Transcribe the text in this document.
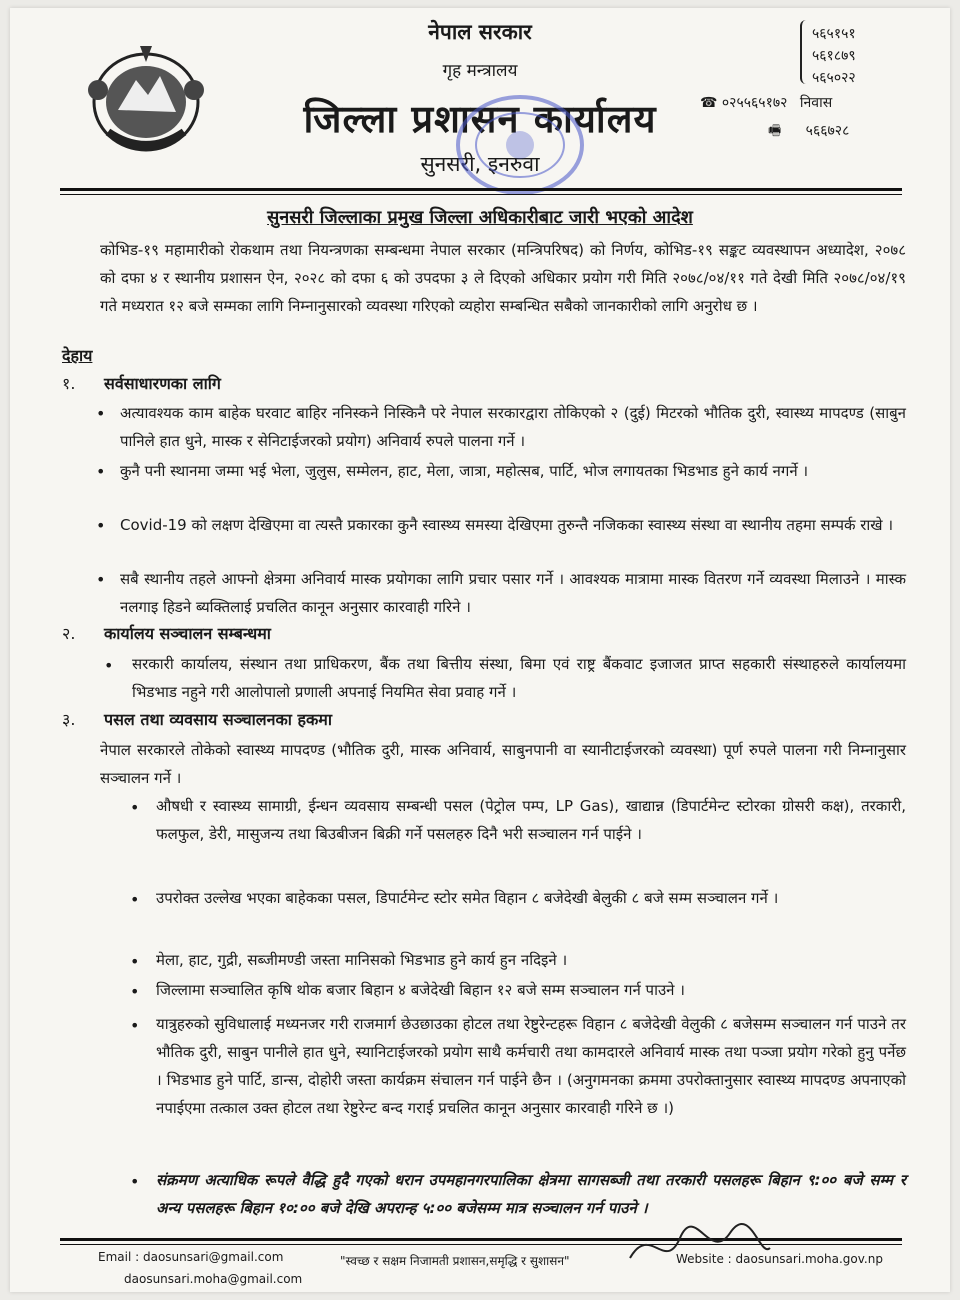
नेपाल सरकार
गृह मन्त्रालय
जिल्ला प्रशासन कार्यालय
सुनसरी, इनरुवा
५६५१५१
५६१८७९
५६५०२२
☎ ०२५५६५१७२ निवास
🖷 ५६६७२८
सुनसरी जिल्लाका प्रमुख जिल्ला अधिकारीबाट जारी भएको आदेश
कोभिड-१९ महामारीको रोकथाम तथा नियन्त्रणका सम्बन्धमा नेपाल सरकार (मन्त्रिपरिषद) को निर्णय, कोभिड-१९ सङ्कट व्यवस्थापन अध्यादेश, २०७८ को दफा ४ र स्थानीय प्रशासन ऐन, २०२८ को दफा ६ को उपदफा ३ ले दिएको अधिकार प्रयोग गरी मिति २०७८/०४/११ गते देखी मिति २०७८/०४/१९ गते मध्यरात १२ बजे सम्मका लागि निम्नानुसारको व्यवस्था गरिएको व्यहोरा सम्बन्धित सबैको जानकारीको लागि अनुरोध छ ।
देहाय
१. सर्वसाधारणका लागि
• अत्यावश्यक काम बाहेक घरवाट बाहिर ननिस्कने निस्किनै परे नेपाल सरकारद्वारा तोकिएको २ (दुई) मिटरको भौतिक दुरी, स्वास्थ्य मापदण्ड (साबुन पानिले हात धुने, मास्क र सेनिटाईजरको प्रयोग) अनिवार्य रुपले पालना गर्ने ।
• कुनै पनी स्थानमा जम्मा भई भेला, जुलुस, सम्मेलन, हाट, मेला, जात्रा, महोत्सब, पार्टि, भोज लगायतका भिडभाड हुने कार्य नगर्ने ।
• Covid-19 को लक्षण देखिएमा वा त्यस्तै प्रकारका कुनै स्वास्थ्य समस्या देखिएमा तुरुन्तै नजिकका स्वास्थ्य संस्था वा स्थानीय तहमा सम्पर्क राखे ।
• सबै स्थानीय तहले आफ्नो क्षेत्रमा अनिवार्य मास्क प्रयोगका लागि प्रचार पसार गर्ने । आवश्यक मात्रामा मास्क वितरण गर्ने व्यवस्था मिलाउने । मास्क नलगाइ हिडने ब्यक्तिलाई प्रचलित कानून अनुसार कारवाही गरिने ।
२. कार्यालय सञ्चालन सम्बन्धमा
• सरकारी कार्यालय, संस्थान तथा प्राधिकरण, बैंक तथा बित्तीय संस्था, बिमा एवं राष्ट्र बैंकवाट इजाजत प्राप्त सहकारी संस्थाहरुले कार्यालयमा भिडभाड नहुने गरी आलोपालो प्रणाली अपनाई नियमित सेवा प्रवाह गर्ने ।
३. पसल तथा व्यवसाय सञ्चालनका हकमा
नेपाल सरकारले तोकेको स्वास्थ्य मापदण्ड (भौतिक दुरी, मास्क अनिवार्य, साबुनपानी वा स्यानीटाईजरको व्यवस्था) पूर्ण रुपले पालना गरी निम्नानुसार सञ्चालन गर्ने ।
• औषधी र स्वास्थ्य सामाग्री, ईन्धन व्यवसाय सम्बन्धी पसल (पेट्रोल पम्प, LP Gas), खाद्यान्न (डिपार्टमेन्ट स्टोरका ग्रोसरी कक्ष), तरकारी, फलफुल, डेरी, मासुजन्य तथा बिउबीजन बिक्री गर्ने पसलहरु दिनै भरी सञ्चालन गर्न पाईने ।
• उपरोक्त उल्लेख भएका बाहेकका पसल, डिपार्टमेन्ट स्टोर समेत विहान ८ बजेदेखी बेलुकी ८ बजे सम्म सञ्चालन गर्ने ।
• मेला, हाट, गुद्री, सब्जीमण्डी जस्ता मानिसको भिडभाड हुने कार्य हुन नदिइने ।
• जिल्लामा सञ्चालित कृषि थोक बजार बिहान ४ बजेदेखी बिहान १२ बजे सम्म सञ्चालन गर्न पाउने ।
• यात्रुहरुको सुविधालाई मध्यनजर गरी राजमार्ग छेउछाउका होटल तथा रेष्टुरेन्टहरू विहान ८ बजेदेखी वेलुकी ८ बजेसम्म सञ्चालन गर्न पाउने तर भौतिक दुरी, साबुन पानीले हात धुने, स्यानिटाईजरको प्रयोग साथै कर्मचारी तथा कामदारले अनिवार्य मास्क तथा पञ्जा प्रयोग गरेको हुनु पर्नेछ । भिडभाड हुने पार्टि, डान्स, दोहोरी जस्ता कार्यक्रम संचालन गर्न पाईने छैन । (अनुगमनका क्रममा उपरोक्तानुसार स्वास्थ्य मापदण्ड अपनाएको नपाईएमा तत्काल उक्त होटल तथा रेष्टुरेन्ट बन्द गराई प्रचलित कानून अनुसार कारवाही गरिने छ ।)
• संक्रमण अत्याधिक रूपले वैद्धि हुदै गएको धरान उपमहानगरपालिका क्षेत्रमा सागसब्जी तथा तरकारी पसलहरू बिहान ९:०० बजे सम्म र अन्य पसलहरू बिहान १०:०० बजे देखि अपरान्ह ५:०० बजेसम्म मात्र सञ्चालन गर्न पाउने ।
Email : daosunsari@gmail.com
daosunsari.moha@gmail.com
"स्वच्छ र सक्षम निजामती प्रशासन,समृद्धि र सुशासन"	Website : daosunsari.moha.gov.np
